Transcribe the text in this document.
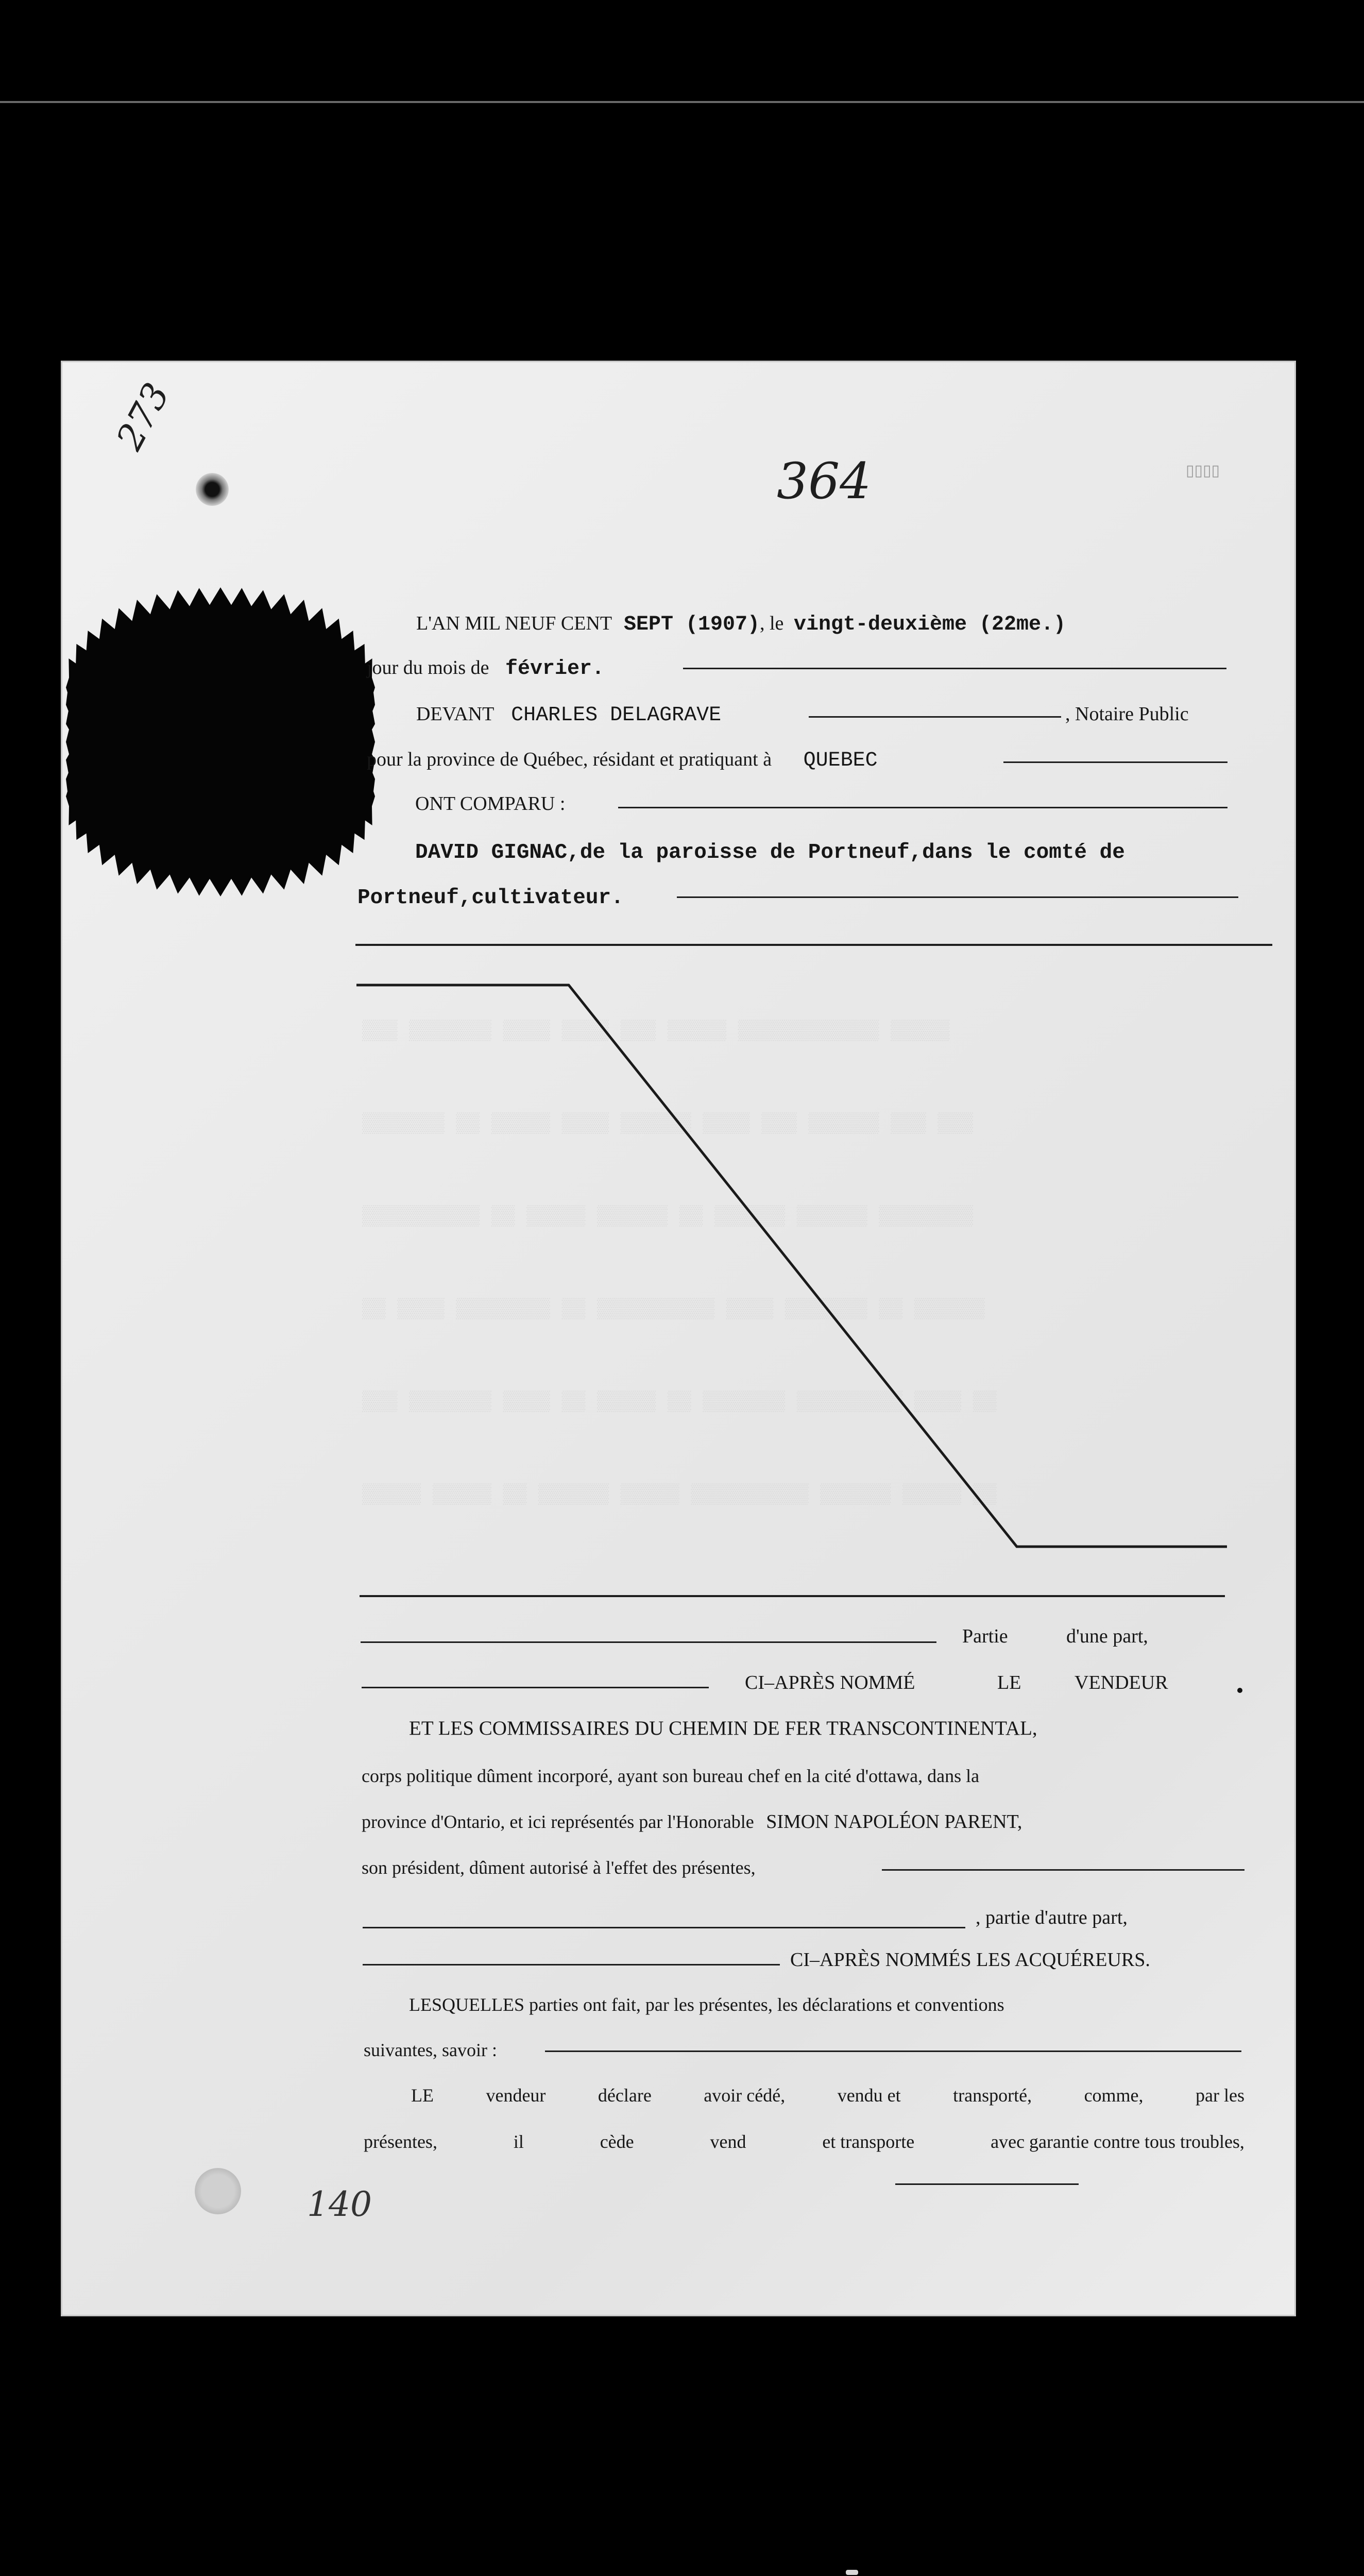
273
364	▯▯▯▯
▒▒▒ ▒▒▒▒▒▒▒ ▒▒▒▒ ▒▒▒▒ ▒▒▒ ▒▒▒▒▒ ▒▒▒▒▒▒▒▒▒▒▒▒ ▒▒▒▒▒
▒▒▒▒▒▒▒ ▒▒ ▒▒▒▒▒ ▒▒▒▒ ▒▒▒▒▒▒ ▒▒▒▒ ▒▒▒ ▒▒▒▒▒▒ ▒▒▒ ▒▒▒
▒▒▒▒▒▒▒▒▒▒ ▒▒ ▒▒▒▒▒ ▒▒▒▒▒▒ ▒▒ ▒▒▒▒▒▒ ▒▒▒▒▒▒ ▒▒▒▒▒▒▒▒
▒▒ ▒▒▒▒ ▒▒▒▒▒▒▒▒ ▒▒ ▒▒▒▒▒▒▒▒▒▒ ▒▒▒▒ ▒▒▒▒▒▒▒ ▒▒ ▒▒▒▒▒▒
▒▒▒ ▒▒▒▒▒▒▒ ▒▒▒▒ ▒▒ ▒▒▒▒▒ ▒▒ ▒▒▒▒▒▒▒ ▒▒▒▒▒▒▒▒▒ ▒▒▒▒ ▒▒
▒▒▒▒▒ ▒▒▒▒▒ ▒▒ ▒▒▒▒▒▒ ▒▒▒▒▒ ▒▒▒▒▒▒▒▒▒▒ ▒▒▒▒▒▒ ▒▒▒▒▒ ▒▒
L'AN MIL NEUF CENT SEPT (1907), le vingt-deuxième (22me.)
jour du mois de février.
DEVANT CHARLES DELAGRAVE	, Notaire Public
pour la province de Québec, résidant et pratiquant à QUEBEC
ONT COMPARU :
DAVID GIGNAC,de la paroisse de Portneuf,dans le comté de
Portneuf,cultivateur.
Partie	d'une part,
CI–APRÈS NOMMÉ	LE	VENDEUR
ET LES COMMISSAIRES DU CHEMIN DE FER TRANSCONTINENTAL,
corps politique dûment incorporé, ayant son bureau chef en la cité d'ottawa, dans la
province d'Ontario, et ici représentés par l'Honorable SIMON NAPOLÉON PARENT,
son président, dûment autorisé à l'effet des présentes,
, partie d'autre part,
CI–APRÈS NOMMÉS LES ACQUÉREURS.
LESQUELLES parties ont fait, par les présentes, les déclarations et conventions
suivantes, savoir :
LE	vendeur	déclare	avoir cédé,	vendu et	transporté,	comme,	par les
présentes,	il	cède	vend	et transporte	avec garantie contre tous troubles,
140
